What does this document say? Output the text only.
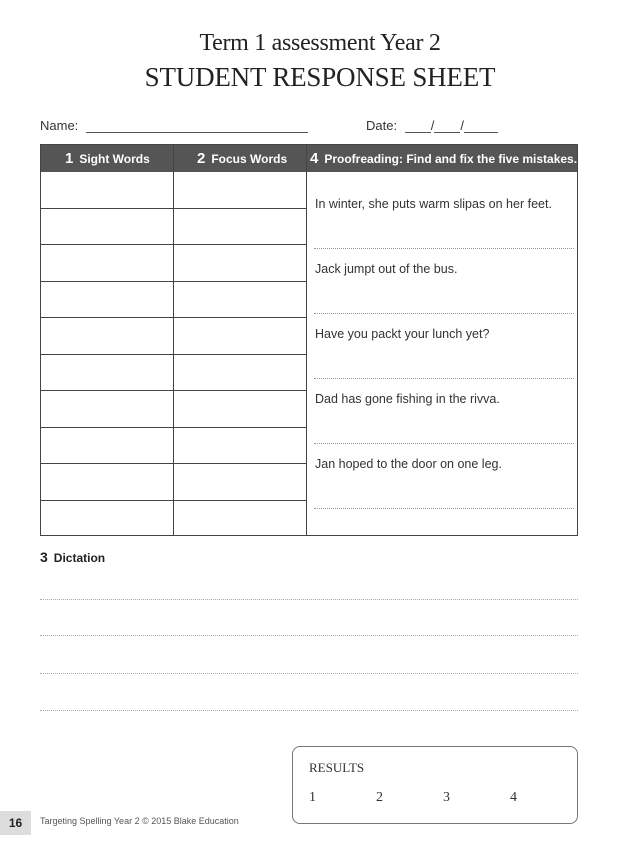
Term 1 assessment Year 2
STUDENT RESPONSE SHEET
Name:	Date:	/ /
1 Sight Words	2 Focus Words	4 Proofreading: Find and fix the five mistakes.
In winter, she puts warm slipas on her feet.
Jack jumpt out of the bus.
Have you packt your lunch yet?
Dad has gone fishing in the rivva.
Jan hoped to the door on one leg.
3 Dictation
RESULTS
1	2	3	4
16	Targeting Spelling Year 2 © 2015 Blake Education
